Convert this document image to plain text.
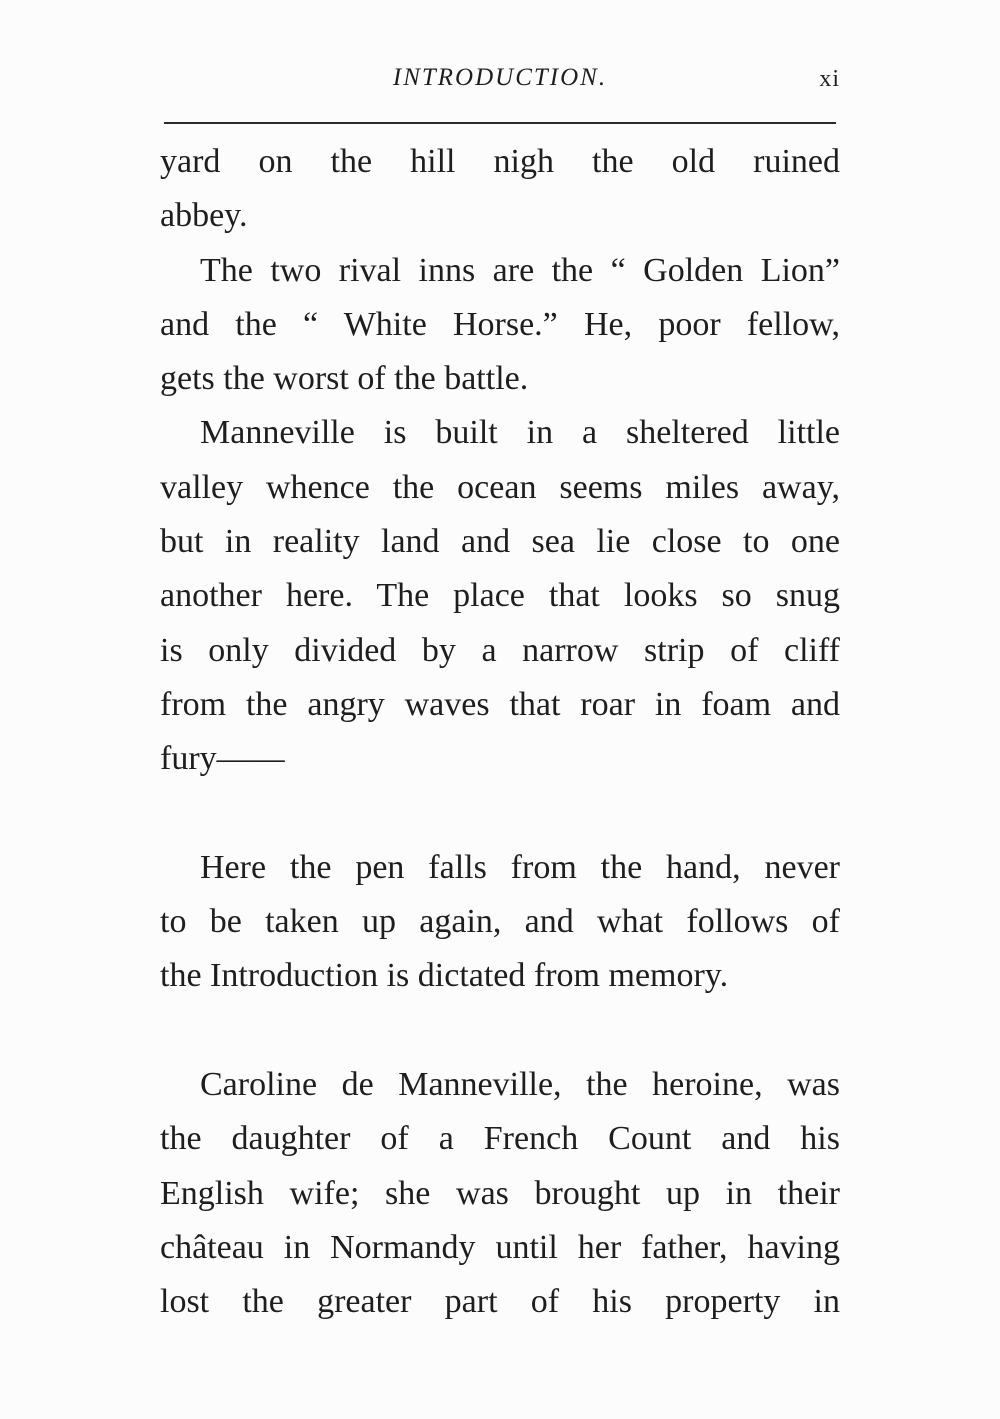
INTRODUCTION.	xi
yard on the hill nigh the old ruined
abbey.
The two rival inns are the “ Golden Lion”
and the “ White Horse.” He, poor fellow,
gets the worst of the battle.
Manneville is built in a sheltered little
valley whence the ocean seems miles away,
but in reality land and sea lie close to one
another here. The place that looks so snug
is only divided by a narrow strip of cliff
from the angry waves that roar in foam and
fury——
Here the pen falls from the hand, never
to be taken up again, and what follows of
the Introduction is dictated from memory.
Caroline de Manneville, the heroine, was
the daughter of a French Count and his
English wife; she was brought up in their
château in Normandy until her father, having
lost the greater part of his property in
